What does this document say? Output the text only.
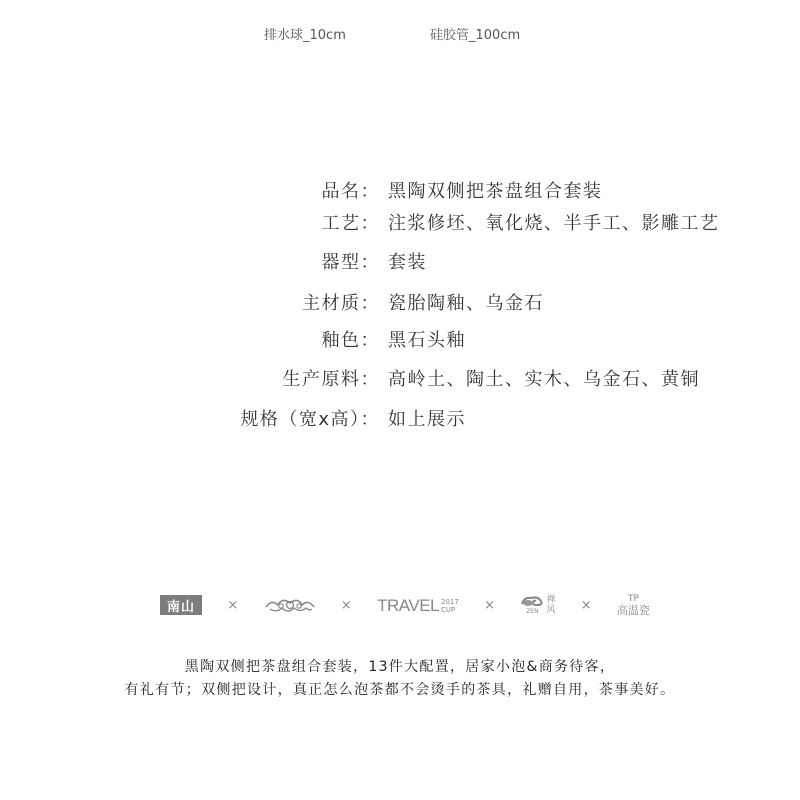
排水球_10cm	硅胶管_100cm
品名： 黑陶双侧把茶盘组合套装
工艺： 注浆修坯、氧化烧、半手工、影雕工艺
器型： 套装
主材质： 瓷胎陶釉、乌金石
釉色： 黑石头釉
生产原料： 高岭土、陶土、实木、乌金石、黄铜
规格（宽x高）： 如上展示
南山	×	× TRAVEL 2017
CUP ×	ZEN
禅
风 ×	TP
高温瓷
黑陶双侧把茶盘组合套装，13件大配置，居家小泡&商务待客，
有礼有节；双侧把设计，真正怎么泡茶都不会烫手的茶具，礼赠自用，茶事美好。
